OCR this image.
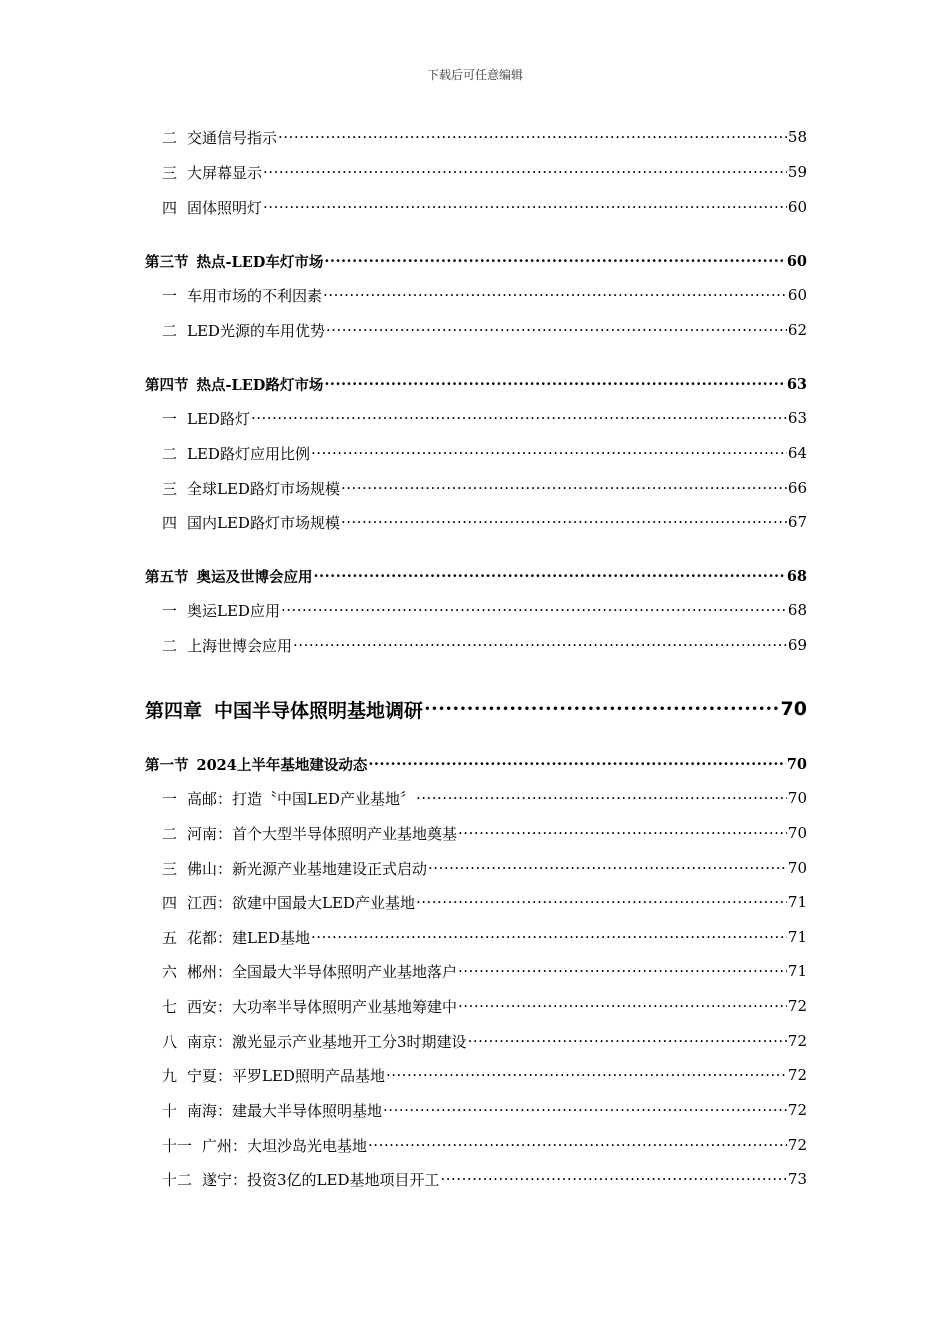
下载后可任意编辑
二 交通信号指示 ·····	58
三 大屏幕显示 ·····	59
四 固体照明灯 ·····	60
第三节 热点-LED车灯市场 ·····	60
一 车用市场的不利因素 ·····	60
二 LED光源的车用优势 ·····	62
第四节 热点-LED路灯市场 ·····	63
一 LED路灯 ·····	63
二 LED路灯应用比例 ·····	64
三 全球LED路灯市场规模 ·····	66
四 国内LED路灯市场规模 ·····	67
第五节 奥运及世博会应用 ·····	68
一 奥运LED应用 ·····	68
二 上海世博会应用 ·····	69
第四章 中国半导体照明基地调研 ·····	70
第一节 2024上半年基地建设动态 ·····	70
一 高邮：打造〝中国LED产业基地〞 ·····	70
二 河南：首个大型半导体照明产业基地奠基 ·····	70
三 佛山：新光源产业基地建设正式启动 ·····	70
四 江西：欲建中国最大LED产业基地 ·····	71
五 花都：建LED基地 ·····	71
六 郴州：全国最大半导体照明产业基地落户 ·····	71
七 西安：大功率半导体照明产业基地筹建中 ·····	72
八 南京：激光显示产业基地开工分3时期建设 ·····	72
九 宁夏：平罗LED照明产品基地 ·····	72
十 南海：建最大半导体照明基地 ·····	72
十一 广州：大坦沙岛光电基地 ·····	72
十二 遂宁：投资3亿的LED基地项目开工 ·····	73
